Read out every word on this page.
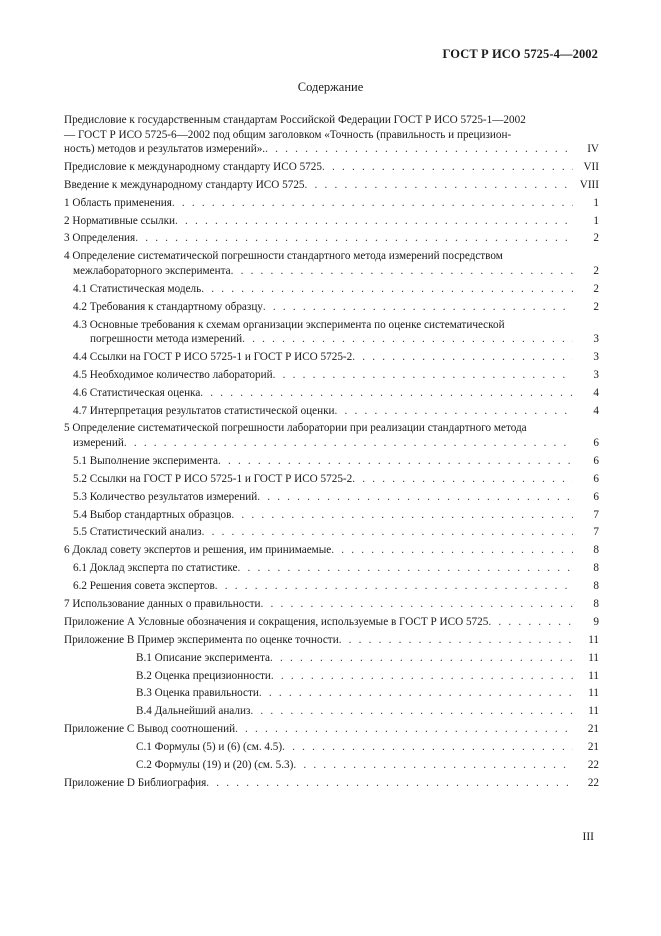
ГОСТ Р ИСО 5725-4—2002
Содержание
Предисловие к государственным стандартам Российской Федерации ГОСТ Р ИСО 5725-1—2002
— ГОСТ Р ИСО 5725-6—2002 под общим заголовком «Точность (правильность и прецизион-
ность) методов и результатов измерений». . . .	IV
Предисловие к международному стандарту ИСО 5725 . . .	VII
Введение к международному стандарту ИСО 5725 . . .	VIII
1 Область применения . . .	1
2 Нормативные ссылки . . .	1
3 Определения . . .	2
4 Определение систематической погрешности стандартного метода измерений посредством
межлабораторного эксперимента . . .	2
4.1 Статистическая модель . . .	2
4.2 Требования к стандартному образцу . . .	2
4.3 Основные требования к схемам организации эксперимента по оценке систематической
погрешности метода измерений . . .	3
4.4 Ссылки на ГОСТ Р ИСО 5725-1 и ГОСТ Р ИСО 5725-2 . . .	3
4.5 Необходимое количество лабораторий . . .	3
4.6 Статистическая оценка . . .	4
4.7 Интерпретация результатов статистической оценки . . .	4
5 Определение систематической погрешности лаборатории при реализации стандартного метода
измерений . . .	6
5.1 Выполнение эксперимента . . .	6
5.2 Ссылки на ГОСТ Р ИСО 5725-1 и ГОСТ Р ИСО 5725-2 . . .	6
5.3 Количество результатов измерений . . .	6
5.4 Выбор стандартных образцов . . .	7
5.5 Статистический анализ . . .	7
6 Доклад совету экспертов и решения, им принимаемые . . .	8
6.1 Доклад эксперта по статистике . . .	8
6.2 Решения совета экспертов . . .	8
7 Использование данных о правильности . . .	8
Приложение А Условные обозначения и сокращения, используемые в ГОСТ Р ИСО 5725 . . .	9
Приложение В Пример эксперимента по оценке точности . . .	11
В.1 Описание эксперимента . . .	11
В.2 Оценка прецизионности . . .	11
В.3 Оценка правильности . . .	11
В.4 Дальнейший анализ . . .	11
Приложение С Вывод соотношений . . .	21
С.1 Формулы (5) и (6) (см. 4.5) . . .	21
С.2 Формулы (19) и (20) (см. 5.3) . . .	22
Приложение D Библиография . . .	22
III
